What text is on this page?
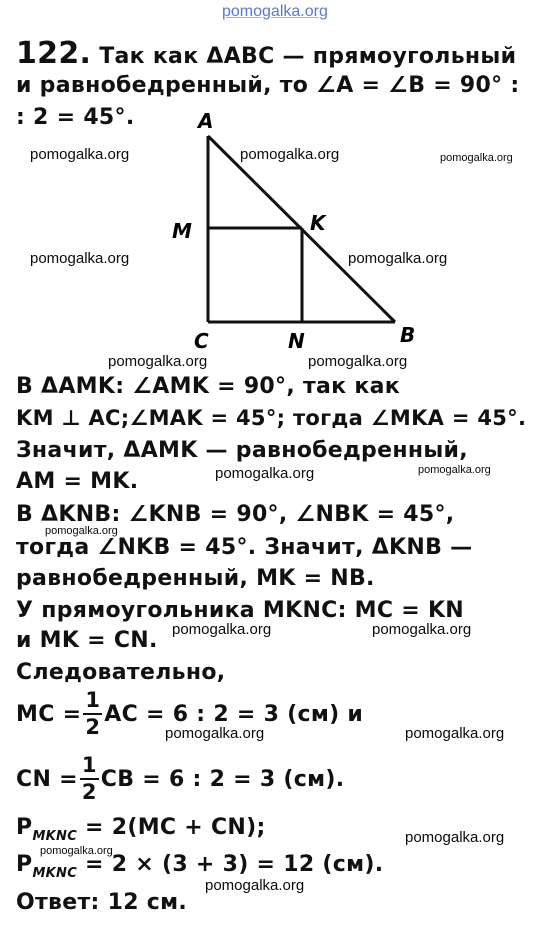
pomogalka.org
pomogalka.org	pomogalka.org	pomogalka.org
pomogalka.org	pomogalka.org
pomogalka.org	pomogalka.org
pomogalka.org	pomogalka.org
pomogalka.org
pomogalka.org	pomogalka.org
pomogalka.org	pomogalka.org
pomogalka.org
pomogalka.org
pomogalka.org
122. Так как ΔABC — прямоугольный
и равнобедренный, то ∠A = ∠B = 90° :
: 2 = 45°.	A
M	K
C	N	B
В ΔAMK: ∠AMK = 90°, так как
KM ⊥ AC;∠MAK = 45°; тогда ∠MKA = 45°.
Значит, ΔAMK — равнобедренный,
AM = MK.
В ΔKNB: ∠KNB = 90°, ∠NBK = 45°,
тогда ∠NKB = 45°. Значит, ΔKNB —
равнобедренный, MK = NB.
У прямоугольника MKNC: MC = KN
и MK = CN.
Следовательно,
MC = $\frac{1}{2}$ AC = 6 : 2 = 3 (см) и
CN = $\frac{1}{2}$ CB = 6 : 2 = 3 (см).
$P_{MKNC} = 2(MC + CN)$;
$P_{MKNC} = 2 \times (3 + 3) = 12$ (см).
Ответ: 12 см.
